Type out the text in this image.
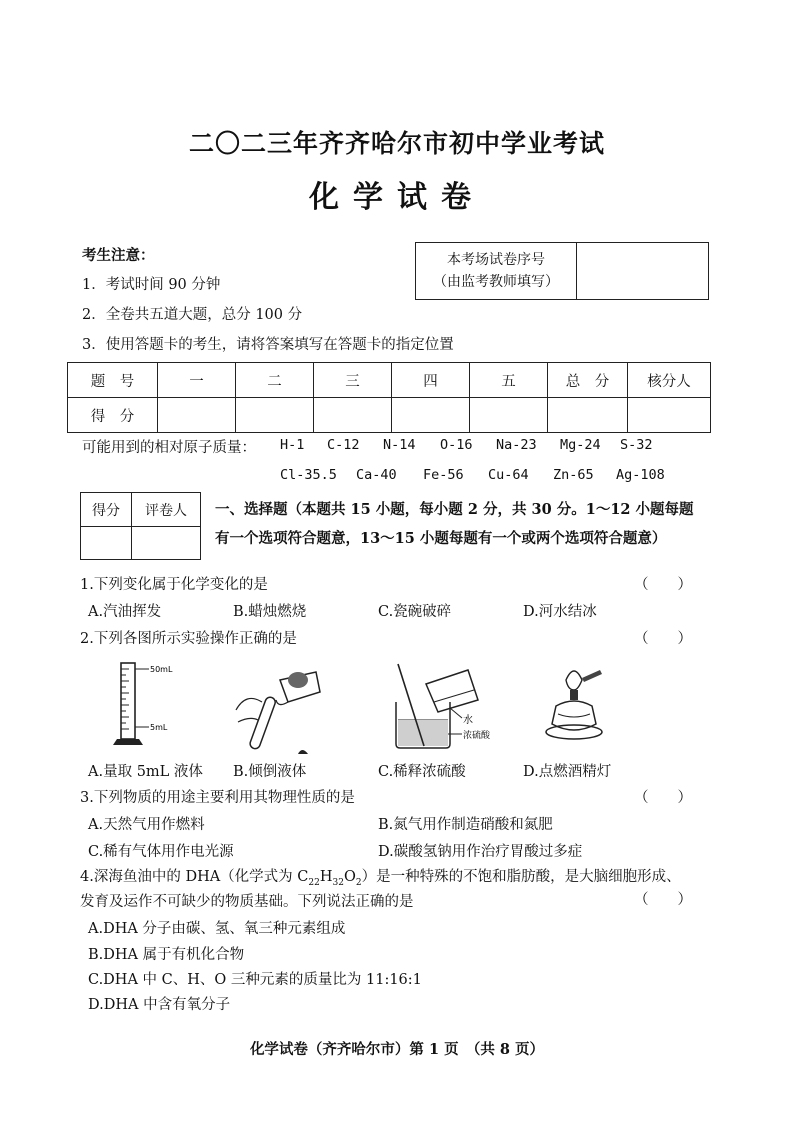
二〇二三年齐齐哈尔市初中学业考试
化学试卷
考生注意：
1．考试时间 90 分钟
2．全卷共五道大题，总分 100 分
3．使用答题卡的考生，请将答案填写在答题卡的指定位置
本考场试卷序号
（由监考教师填写）

题　号	一	二	三	四	五	总　分	核分人
得　分							
可能用到的相对原子质量： H-1 C-12 N-14 O-16 Na-23 Mg-24 S-32
Cl-35.5 Ca-40 Fe-56 Cu-64 Zn-65 Ag-108
得分	评卷人
	一、选择题（本题共 15 小题，每小题 2 分，共 30 分。1～12 小题每题
有一个选项符合题意，13～15 小题每题有一个或两个选项符合题意）
1.下列变化属于化学变化的是	（　　）
A.汽油挥发	B.蜡烛燃烧	C.瓷碗破碎	D.河水结冰
2.下列各图所示实验操作正确的是	（　　）
50mL
5mL
水
浓硫酸
A.量取 5mL 液体 B.倾倒液体	C.稀释浓硫酸	D.点燃酒精灯
3.下列物质的用途主要利用其物理性质的是	（　　）
A.天然气用作燃料	B.氮气用作制造硝酸和氮肥
C.稀有气体用作电光源	D.碳酸氢钠用作治疗胃酸过多症
4.深海鱼油中的 DHA（化学式为 $C_{22}H_{32}O_2$）是一种特殊的不饱和脂肪酸，是大脑细胞形成、
发育及运作不可缺少的物质基础。下列说法正确的是	（　　）
A.DHA 分子由碳、氢、氧三种元素组成
B.DHA 属于有机化合物
C.DHA 中 C、H、O 三种元素的质量比为 11:16:1
D.DHA 中含有氧分子
化学试卷（齐齐哈尔市）第 1 页　（共 8 页）
